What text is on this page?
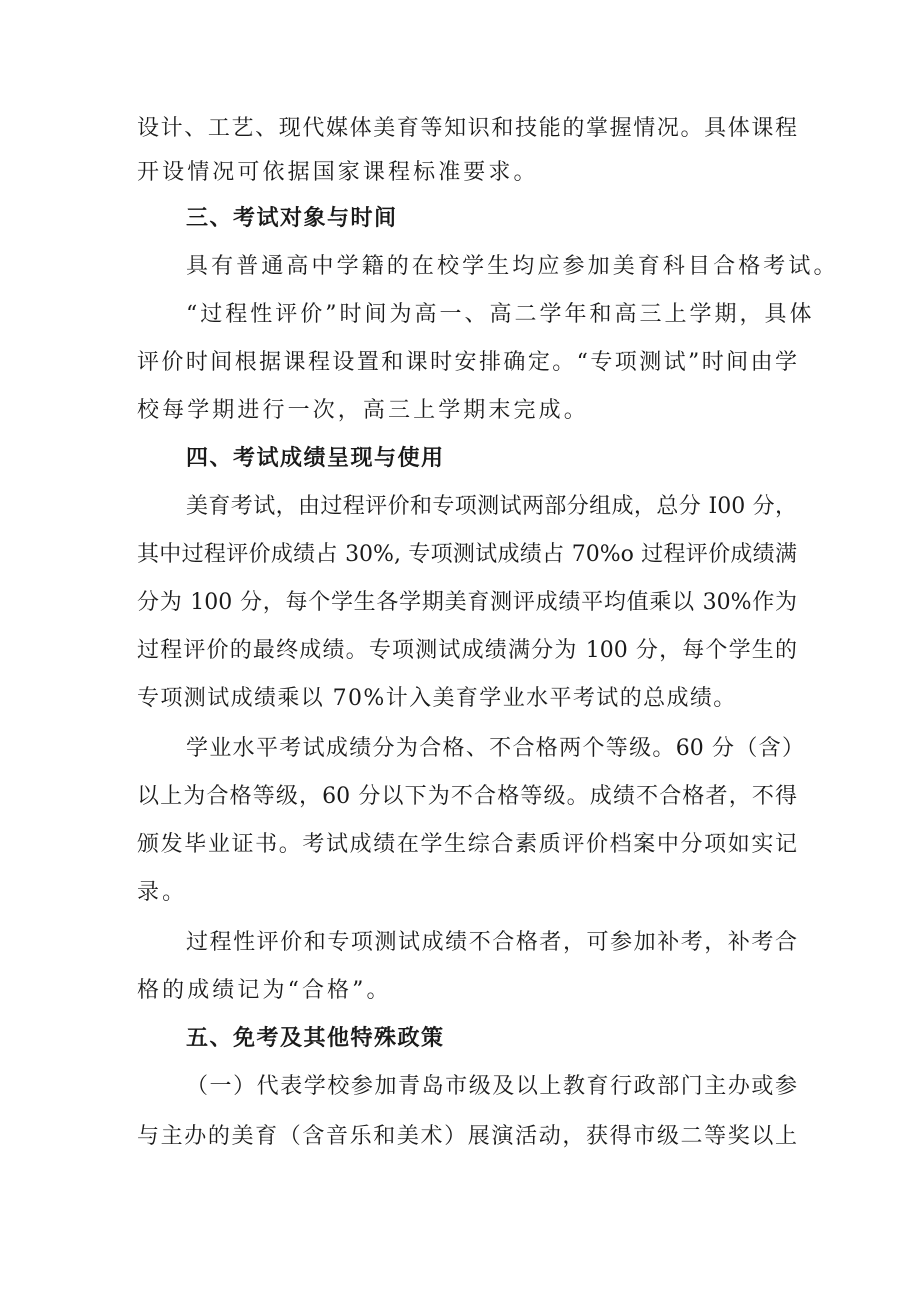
设计、工艺、现代媒体美育等知识和技能的掌握情况。具体课程
开设情况可依据国家课程标准要求。
三、考试对象与时间
具有普通高中学籍的在校学生均应参加美育科目合格考试。
“过程性评价”时间为高一、高二学年和高三上学期，具体
评价时间根据课程设置和课时安排确定。“专项测试”时间由学
校每学期进行一次，高三上学期末完成。
四、考试成绩呈现与使用
美育考试，由过程评价和专项测试两部分组成，总分 I00 分，
其中过程评价成绩占 30%, 专项测试成绩占 70%o 过程评价成绩满
分为 100 分，每个学生各学期美育测评成绩平均值乘以 30%作为
过程评价的最终成绩。专项测试成绩满分为 100 分，每个学生的
专项测试成绩乘以 70%计入美育学业水平考试的总成绩。
学业水平考试成绩分为合格、不合格两个等级。60 分（含）
以上为合格等级，60 分以下为不合格等级。成绩不合格者，不得
颁发毕业证书。考试成绩在学生综合素质评价档案中分项如实记
录。
过程性评价和专项测试成绩不合格者，可参加补考，补考合
格的成绩记为“合格”。
五、免考及其他特殊政策
（一）代表学校参加青岛市级及以上教育行政部门主办或参
与主办的美育（含音乐和美术）展演活动，获得市级二等奖以上
